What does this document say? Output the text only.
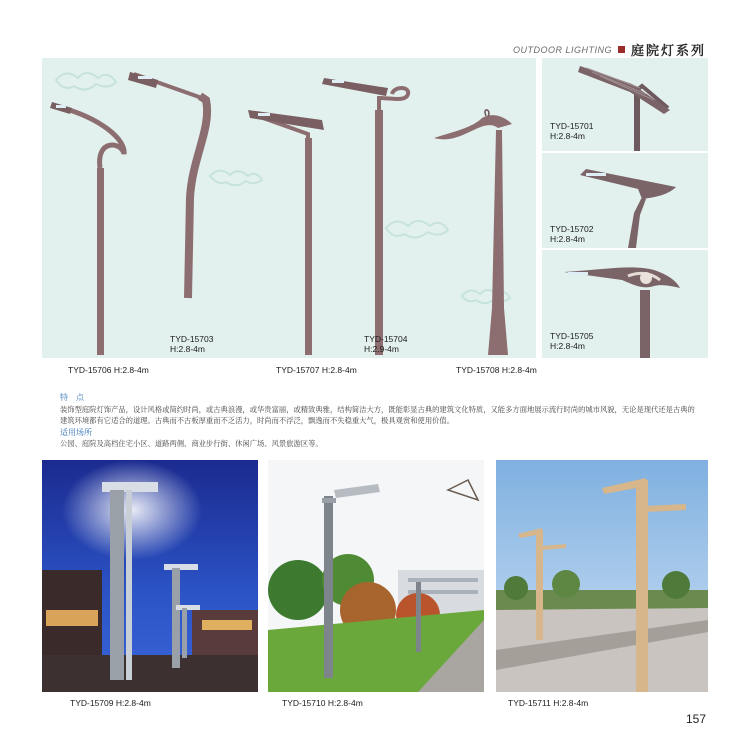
OUTDOOR LIGHTING 庭院灯系列
TYD-15703
H:2.8-4m
TYD-15704
H:2.9-4m
TYD-15706 H:2.8-4m	TYD-15707 H:2.8-4m	TYD-15708 H:2.8-4m
TYD-15701
H:2.8-4m
TYD-15702
H:2.8-4m
TYD-15705
H:2.8-4m
特　点
装饰型庭院灯饰产品，设计风格或简约时尚，或古典浪漫，或华贵富丽，或精致典雅，结构简洁大方，既能彰显古典的建筑文化特质，又能多方面地展示流行时尚的城市风貌，无论是现代还是古典的建筑环境都有它适合的道理。古典而不古板厚重而不乏活力，时尚而不浮泛，飘逸而不失稳重大气，极具观赏和使用价值。
适用场所
公园、庭院及高档住宅小区、道路两侧、商业步行街、休闲广场、风景旅游区等。
TYD-15709 H:2.8-4m	TYD-15710 H:2.8-4m	TYD-15711 H:2.8-4m
157
